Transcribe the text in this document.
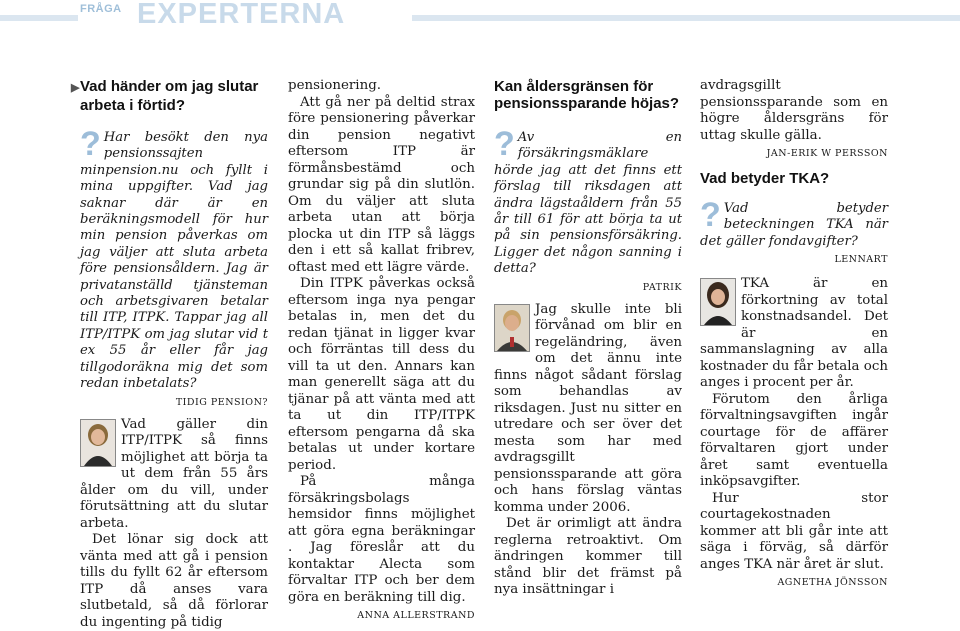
FRÅGA EXPERTERNA
▶Vad händer om jag slutar arbeta i förtid?
? Har besökt den nya pensionssajten minpension.nu och fyllt i mina uppgifter. Vad jag saknar där är en beräkningsmodell för hur min pension påverkas om jag väljer att sluta arbeta före pensionsåldern. Jag är privatanställd tjänsteman och arbetsgivaren betalar till ITP, ITPK. Tappar jag all ITP/ITPK om jag slutar vid t ex 55 år eller får jag tillgodoräkna mig det som redan inbetalats?

TIDIG PENSION?

Vad gäller din ITP/ITPK så finns möjlighet att börja ta ut dem från 55 års ålder om du vill, under förutsättning att du slutar arbeta.

Det lönar sig dock att vänta med att gå i pension tills du fyllt 62 år eftersom ITP då anses vara slutbetald, så då förlorar du ingenting på tidig

pensionering.

Att gå ner på deltid strax före pensionering påverkar din pension negativt eftersom ITP är förmånsbestämd och grundar sig på din slutlön. Om du väljer att sluta arbeta utan att börja plocka ut din ITP så läggs den i ett så kallat fribrev, oftast med ett lägre värde.

Din ITPK påverkas också eftersom inga nya pengar betalas in, men det du redan tjänat in ligger kvar och förräntas till dess du vill ta ut den. Annars kan man generellt säga att du tjänar på att vänta med att ta ut din ITP/ITPK eftersom pengarna då ska betalas ut under kortare period.

På många försäkringsbolags hemsidor finns möjlighet att göra egna beräkningar . Jag föreslår att du kontaktar Alecta som förvaltar ITP och ber dem göra en beräkning till dig.

ANNA ALLERSTRAND

Kan åldersgränsen för pensionssparande höjas?
? Av en försäkringsmäklare hörde jag att det finns ett förslag till riksdagen att ändra lägstaåldern från 55 år till 61 för att börja ta ut på sin pensionsförsäkring. Ligger det någon sanning i detta?

PATRIK

Jag skulle inte bli förvånad om blir en regeländring, även om det ännu inte finns något sådant förslag som behandlas av riksdagen. Just nu sitter en utredare och ser över det mesta som har med avdragsgillt pensionssparande att göra och hans förslag väntas komma under 2006.

Det är orimligt att ändra reglerna retroaktivt. Om ändringen kommer till stånd blir det främst på nya insättningar i

avdragsgillt pensionssparande som en högre åldersgräns för uttag skulle gälla.

JAN-ERIK W PERSSON

Vad betyder TKA?
? Vad betyder beteckningen TKA när det gäller fondavgifter?

LENNART

TKA är en förkortning av total konstnadsandel. Det är en sammanslagning av alla kostnader du får betala och anges i procent per år.

Förutom den årliga förvaltningsavgiften ingår courtage för de affärer förvaltaren gjort under året samt eventuella inköpsavgifter.

Hur stor courtagekostnaden kommer att bli går inte att säga i förväg, så därför anges TKA när året är slut.

AGNETHA JÖNSSON
